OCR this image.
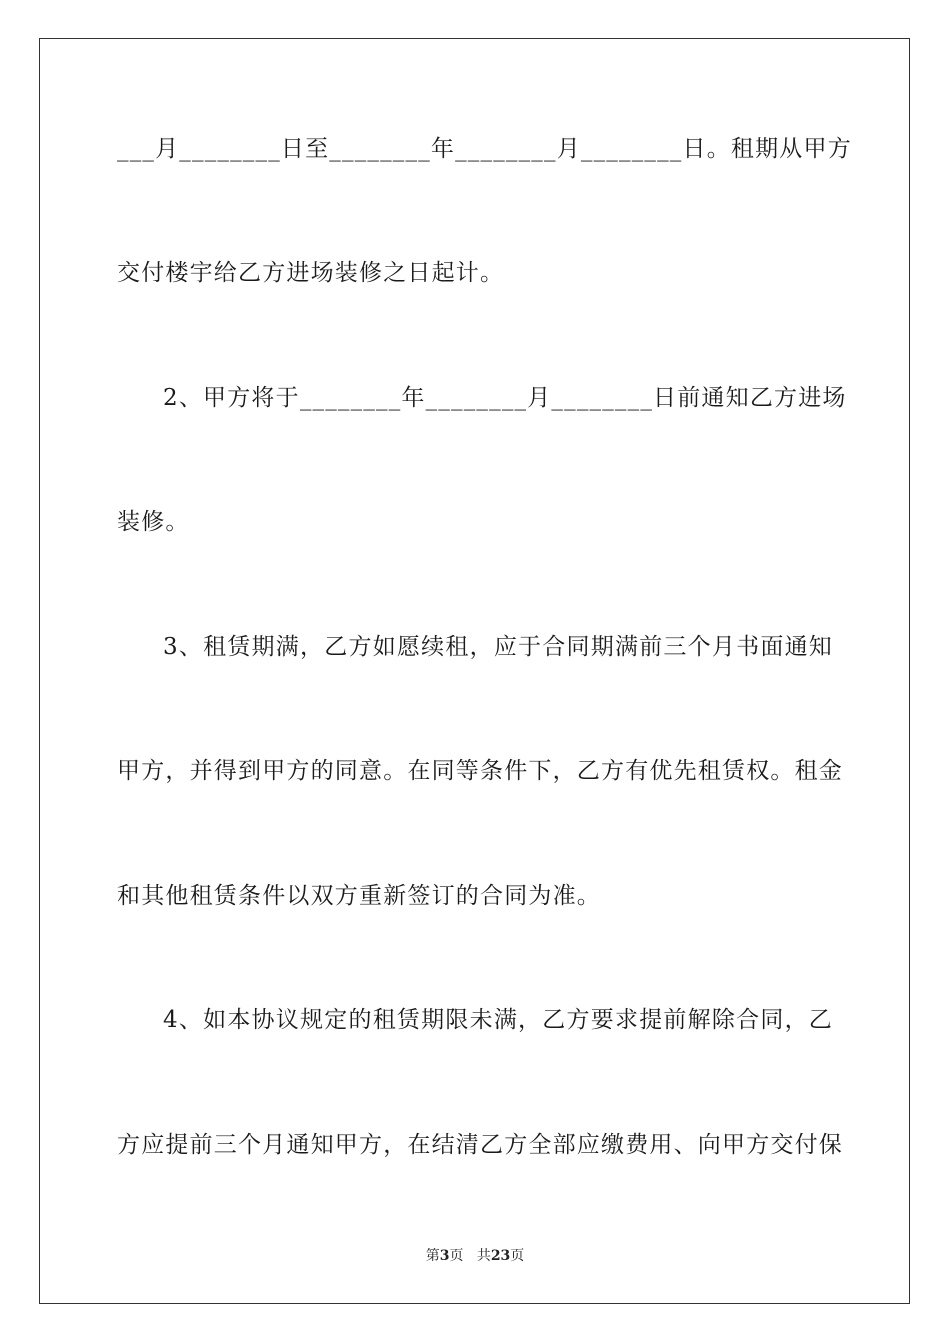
___月________日至________年________月________日。租期从甲方
交付楼宇给乙方进场装修之日起计。
2、甲方将于________年________月________日前通知乙方进场
装修。
3、租赁期满，乙方如愿续租，应于合同期满前三个月书面通知
甲方，并得到甲方的同意。在同等条件下，乙方有优先租赁权。租金
和其他租赁条件以双方重新签订的合同为准。
4、如本协议规定的租赁期限未满，乙方要求提前解除合同，乙
方应提前三个月通知甲方，在结清乙方全部应缴费用、向甲方交付保
第3页 共23页
